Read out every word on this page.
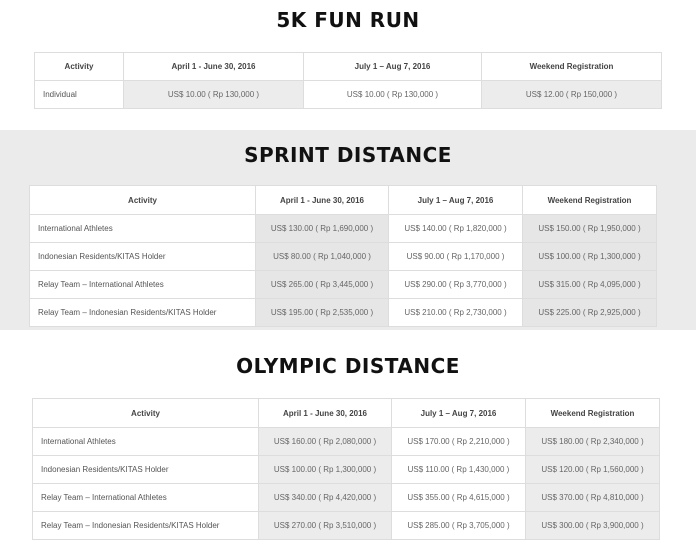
5K FUN RUN
Activity	April 1 - June 30, 2016	July 1 – Aug 7, 2016	Weekend Registration
Individual	US$ 10.00 ( Rp 130,000 )	US$ 10.00 ( Rp 130,000 )	US$ 12.00 ( Rp 150,000 )
SPRINT DISTANCE
Activity	April 1 - June 30, 2016	July 1 – Aug 7, 2016	Weekend Registration
International Athletes	US$ 130.00 ( Rp 1,690,000 )	US$ 140.00 ( Rp 1,820,000 )	US$ 150.00 ( Rp 1,950,000 )
Indonesian Residents/KITAS Holder	US$ 80.00 ( Rp 1,040,000 )	US$ 90.00 ( Rp 1,170,000 )	US$ 100.00 ( Rp 1,300,000 )
Relay Team – International Athletes	US$ 265.00 ( Rp 3,445,000 )	US$ 290.00 ( Rp 3,770,000 )	US$ 315.00 ( Rp 4,095,000 )
Relay Team – Indonesian Residents/KITAS Holder	US$ 195.00 ( Rp 2,535,000 )	US$ 210.00 ( Rp 2,730,000 )	US$ 225.00 ( Rp 2,925,000 )
OLYMPIC DISTANCE
Activity	April 1 - June 30, 2016	July 1 – Aug 7, 2016	Weekend Registration
International Athletes	US$ 160.00 ( Rp 2,080,000 )	US$ 170.00 ( Rp 2,210,000 )	US$ 180.00 ( Rp 2,340,000 )
Indonesian Residents/KITAS Holder	US$ 100.00 ( Rp 1,300,000 )	US$ 110.00 ( Rp 1,430,000 )	US$ 120.00 ( Rp 1,560,000 )
Relay Team – International Athletes	US$ 340.00 ( Rp 4,420,000 )	US$ 355.00 ( Rp 4,615,000 )	US$ 370.00 ( Rp 4,810,000 )
Relay Team – Indonesian Residents/KITAS Holder	US$ 270.00 ( Rp 3,510,000 )	US$ 285.00 ( Rp 3,705,000 )	US$ 300.00 ( Rp 3,900,000 )
